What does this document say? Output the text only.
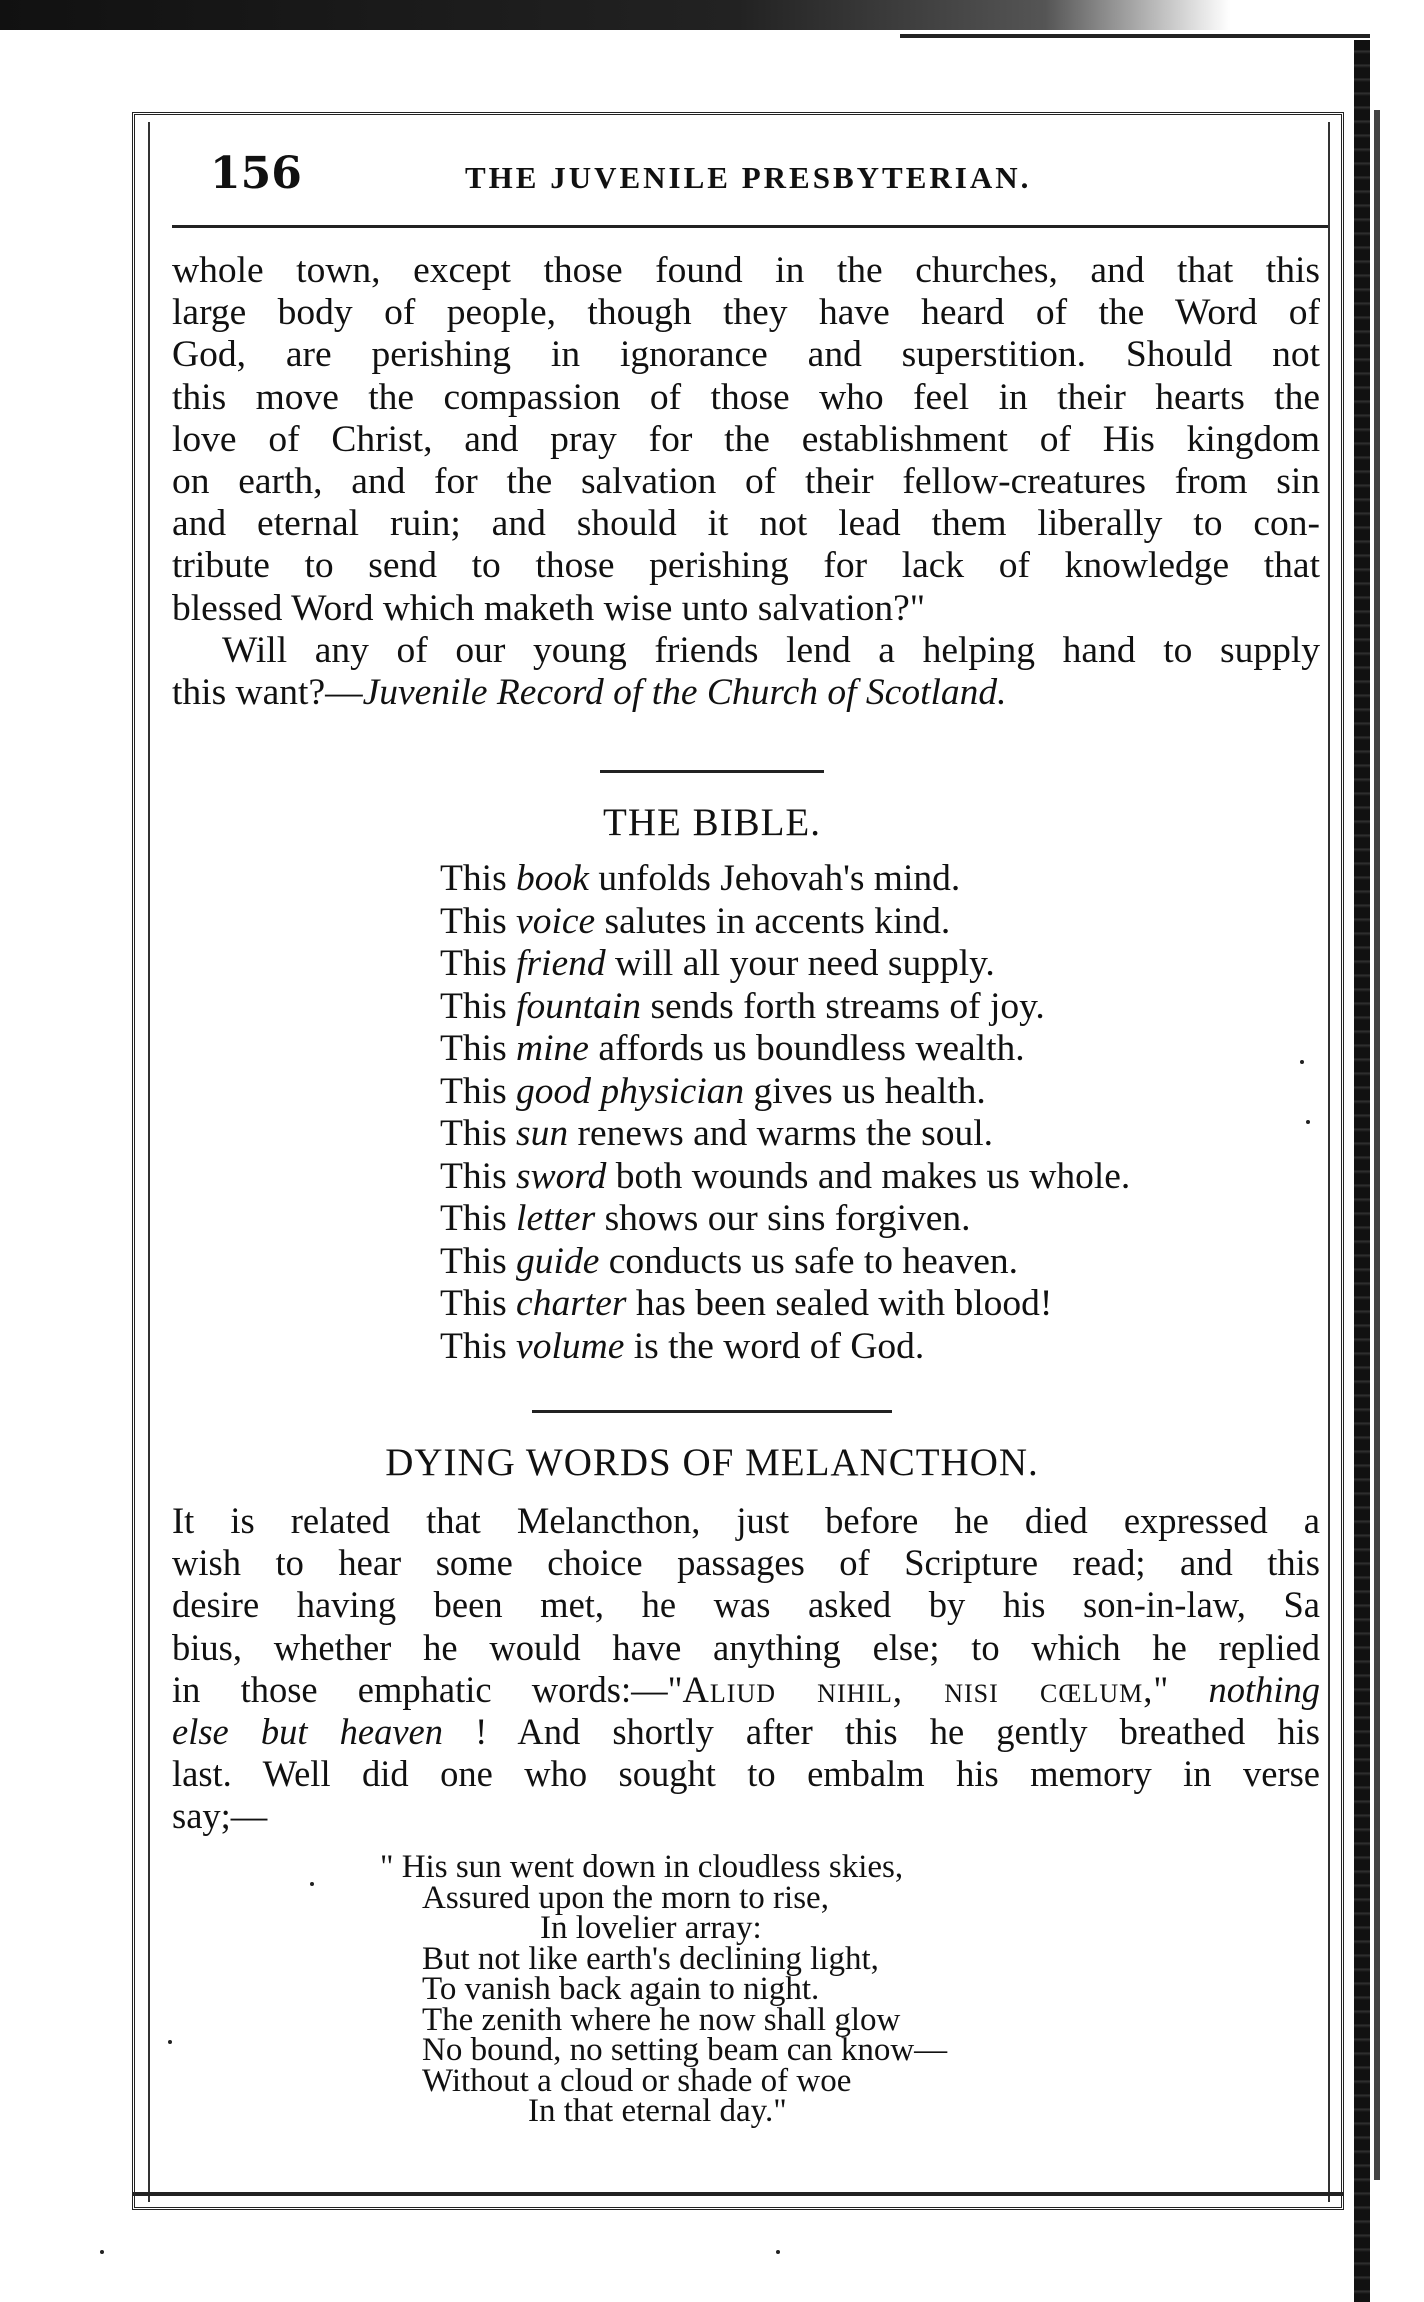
156	THE JUVENILE PRESBYTERIAN.
whole town, except those found in the churches, and that this
large body of people, though they have heard of the Word of
God, are perishing in ignorance and superstition. Should not
this move the compassion of those who feel in their hearts the
love of Christ, and pray for the establishment of His kingdom
on earth, and for the salvation of their fellow-creatures from sin
and eternal ruin; and should it not lead them liberally to con-
tribute to send to those perishing for lack of knowledge that
blessed Word which maketh wise unto salvation?"
Will any of our young friends lend a helping hand to supply
this want?—Juvenile Record of the Church of Scotland.
THE BIBLE.
This book unfolds Jehovah's mind.
This voice salutes in accents kind.
This friend will all your need supply.
This fountain sends forth streams of joy.
This mine affords us boundless wealth.
This good physician gives us health.
This sun renews and warms the soul.
This sword both wounds and makes us whole.
This letter shows our sins forgiven.
This guide conducts us safe to heaven.
This charter has been sealed with blood!
This volume is the word of God.
DYING WORDS OF MELANCTHON.
It is related that Melancthon, just before he died expressed a
wish to hear some choice passages of Scripture read; and this
desire having been met, he was asked by his son-in-law, Sa
bius, whether he would have anything else; to which he replied
in those emphatic words:—"Aliud nihil, nisi cœlum," nothing
else but heaven ! And shortly after this he gently breathed his
last. Well did one who sought to embalm his memory in verse
say;—
" His sun went down in cloudless skies,
Assured upon the morn to rise,
In lovelier array:
But not like earth's declining light,
To vanish back again to night.
The zenith where he now shall glow
No bound, no setting beam can know—
Without a cloud or shade of woe
In that eternal day."
